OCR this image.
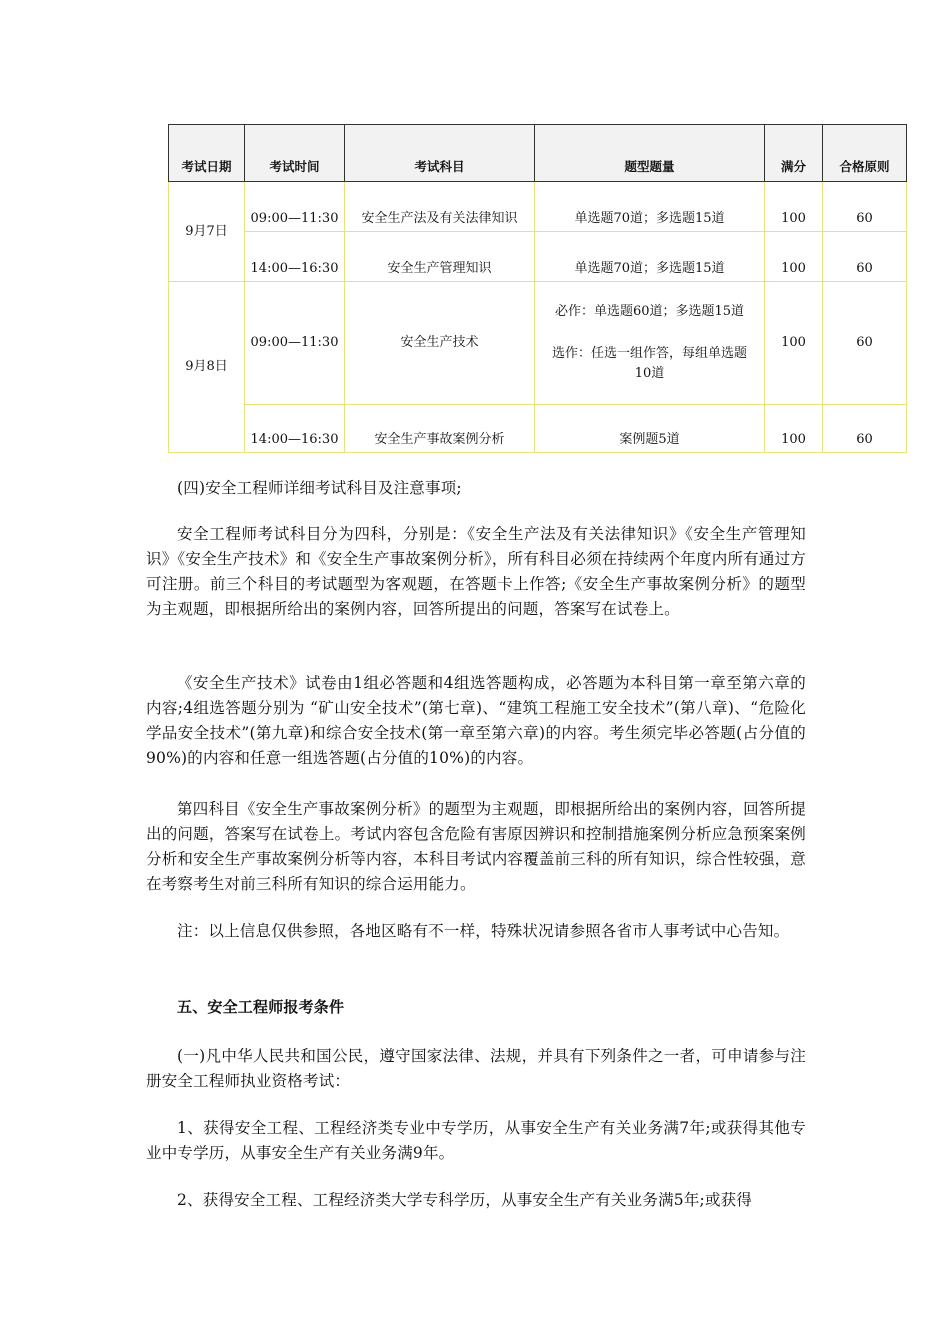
考试日期	考试时间	考试科目	题型题量	满分	合格原则
9月7日	09:00—11:30	安全生产法及有关法律知识	单选题70道；多选题15道	100	60
	14:00—16:30	安全生产管理知识	单选题70道；多选题15道	100	60
9月8日	09:00—11:30	安全生产技术	必作：单选题60道；多选题15道
选作：任选一组作答，每组单选题10道	100	60
	14:00—16:30	安全生产事故案例分析	案例题5道	100	60

(四)安全工程师详细考试科目及注意事项;

安全工程师考试科目分为四科，分别是：《安全生产法及有关法律知识》《安全生产管理知识》《安全生产技术》和《安全生产事故案例分析》，所有科目必须在持续两个年度内所有通过方可注册。前三个科目的考试题型为客观题，在答题卡上作答;《安全生产事故案例分析》的题型为主观题，即根据所给出的案例内容，回答所提出的问题，答案写在试卷上。

《安全生产技术》试卷由1组必答题和4组选答题构成，必答题为本科目第一章至第六章的内容;4组选答题分别为 “矿山安全技术”(第七章)、“建筑工程施工安全技术”(第八章)、“危险化学品安全技术”(第九章)和综合安全技术(第一章至第六章)的内容。考生须完毕必答题(占分值的90%)的内容和任意一组选答题(占分值的10%)的内容。

第四科目《安全生产事故案例分析》的题型为主观题，即根据所给出的案例内容，回答所提出的问题，答案写在试卷上。考试内容包含危险有害原因辨识和控制措施案例分析应急预案案例分析和安全生产事故案例分析等内容，本科目考试内容覆盖前三科的所有知识，综合性较强，意在考察考生对前三科所有知识的综合运用能力。

注：以上信息仅供参照，各地区略有不一样，特殊状况请参照各省市人事考试中心告知。

五、安全工程师报考条件

(一)凡中华人民共和国公民，遵守国家法律、法规，并具有下列条件之一者，可申请参与注册安全工程师执业资格考试：

1、获得安全工程、工程经济类专业中专学历，从事安全生产有关业务满7年;或获得其他专业中专学历，从事安全生产有关业务满9年。

2、获得安全工程、工程经济类大学专科学历，从事安全生产有关业务满5年;或获得
